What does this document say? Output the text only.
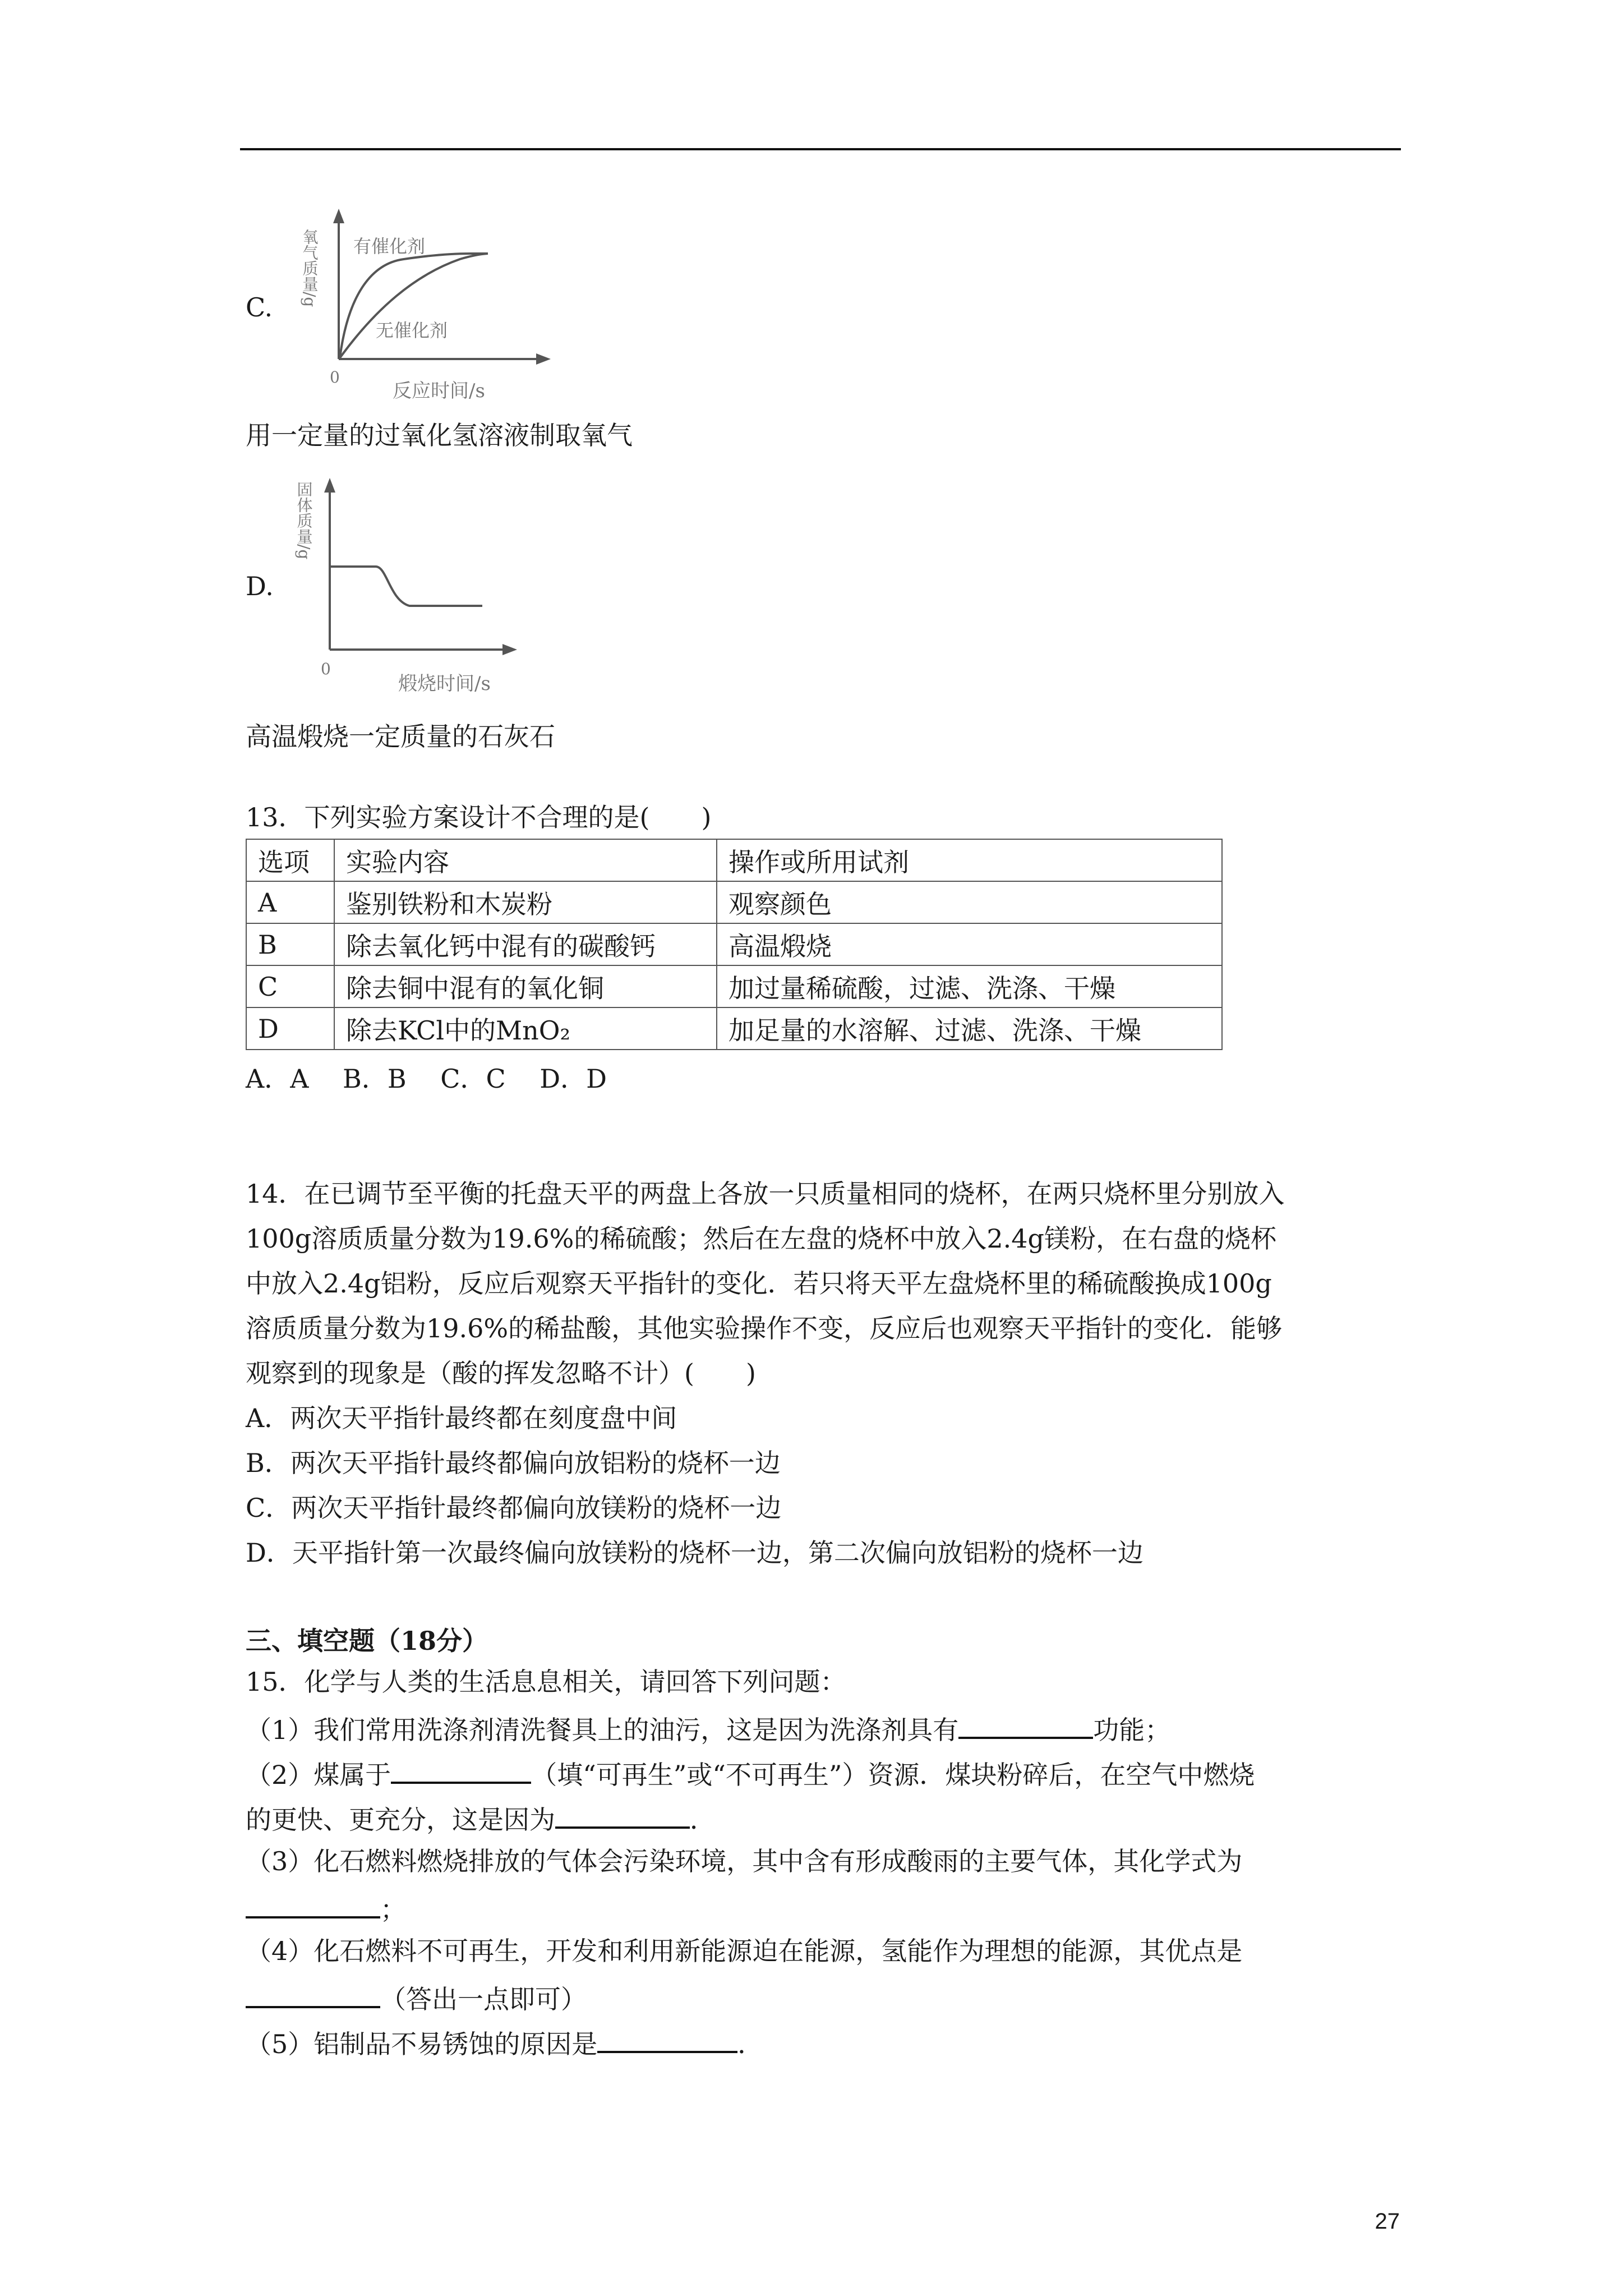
C.
氧气质量/g 有催化剂
无催化剂
0
反应时间/s
用一定量的过氧化氢溶液制取氧气
D.
固体质量/g
0
煅烧时间/s
高温煅烧一定质量的石灰石
13．下列实验方案设计不合理的是(　　)
选项	实验内容	操作或所用试剂
A	鉴别铁粉和木炭粉	观察颜色
B	除去氧化钙中混有的碳酸钙	高温煅烧
C	除去铜中混有的氧化铜	加过量稀硫酸，过滤、洗涤、干燥
D	除去KCl中的MnO₂	加足量的水溶解、过滤、洗涤、干燥
A．A　 B．B　 C．C　 D．D
14．在已调节至平衡的托盘天平的两盘上各放一只质量相同的烧杯，在两只烧杯里分别放入
100g溶质质量分数为19.6%的稀硫酸；然后在左盘的烧杯中放入2.4g镁粉，在右盘的烧杯
中放入2.4g铝粉，反应后观察天平指针的变化．若只将天平左盘烧杯里的稀硫酸换成100g
溶质质量分数为19.6%的稀盐酸，其他实验操作不变，反应后也观察天平指针的变化．能够
观察到的现象是（酸的挥发忽略不计）(　　)
A．两次天平指针最终都在刻度盘中间
B．两次天平指针最终都偏向放铝粉的烧杯一边
C．两次天平指针最终都偏向放镁粉的烧杯一边
D．天平指针第一次最终偏向放镁粉的烧杯一边，第二次偏向放铝粉的烧杯一边
三、填空题（18分）
15．化学与人类的生活息息相关，请回答下列问题：
（1）我们常用洗涤剂清洗餐具上的油污，这是因为洗涤剂具有	功能；
（2）煤属于	（填“可再生”或“不可再生”）资源．煤块粉碎后，在空气中燃烧
的更快、更充分，这是因为	．
（3）化石燃料燃烧排放的气体会污染环境，其中含有形成酸雨的主要气体，其化学式为
；
（4）化石燃料不可再生，开发和利用新能源迫在能源，氢能作为理想的能源，其优点是
（答出一点即可）
（5）铝制品不易锈蚀的原因是	．
27
